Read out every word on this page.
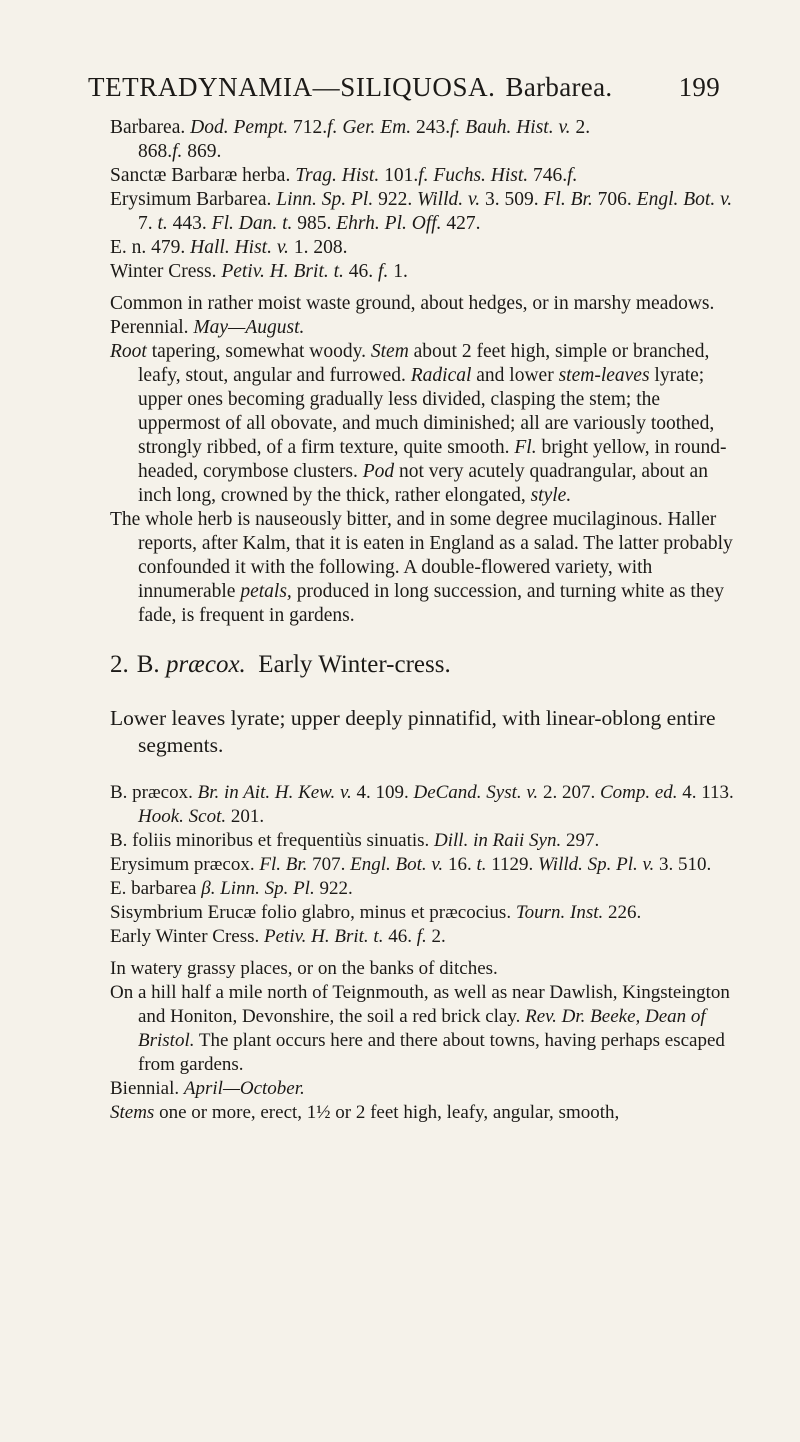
TETRADYNAMIA—SILIQUOSA. Barbarea. 199

Barbarea. Dod. Pempt. 712.f. Ger. Em. 243.f. Bauh. Hist. v. 2.
868.f. 869.

Sanctæ Barbaræ herba. Trag. Hist. 101.f. Fuchs. Hist. 746.f.

Erysimum Barbarea. Linn. Sp. Pl. 922. Willd. v. 3. 509. Fl. Br. 706. Engl. Bot. v. 7. t. 443. Fl. Dan. t. 985. Ehrh. Pl. Off. 427.

E. n. 479. Hall. Hist. v. 1. 208.

Winter Cress. Petiv. H. Brit. t. 46. f. 1.

Common in rather moist waste ground, about hedges, or in marshy meadows.

Perennial. May—August.

Root tapering, somewhat woody. Stem about 2 feet high, simple or branched, leafy, stout, angular and furrowed. Radical and lower stem-leaves lyrate; upper ones becoming gradually less divided, clasping the stem; the uppermost of all obovate, and much diminished; all are variously toothed, strongly ribbed, of a firm texture, quite smooth. Fl. bright yellow, in round-headed, corymbose clusters. Pod not very acutely quadrangular, about an inch long, crowned by the thick, rather elongated, style.

The whole herb is nauseously bitter, and in some degree mucilaginous. Haller reports, after Kalm, that it is eaten in England as a salad. The latter probably confounded it with the following. A double-flowered variety, with innumerable petals, produced in long succession, and turning white as they fade, is frequent in gardens.

2. B. præcox. Early Winter-cress.

Lower leaves lyrate; upper deeply pinnatifid, with linear-oblong entire segments.

B. præcox. Br. in Ait. H. Kew. v. 4. 109. DeCand. Syst. v. 2. 207. Comp. ed. 4. 113. Hook. Scot. 201.

B. foliis minoribus et frequentiùs sinuatis. Dill. in Raii Syn. 297.

Erysimum præcox. Fl. Br. 707. Engl. Bot. v. 16. t. 1129. Willd. Sp. Pl. v. 3. 510.

E. barbarea β. Linn. Sp. Pl. 922.

Sisymbrium Erucæ folio glabro, minus et præcocius. Tourn. Inst. 226.

Early Winter Cress. Petiv. H. Brit. t. 46. f. 2.

In watery grassy places, or on the banks of ditches.

On a hill half a mile north of Teignmouth, as well as near Dawlish, Kingsteington and Honiton, Devonshire, the soil a red brick clay. Rev. Dr. Beeke, Dean of Bristol. The plant occurs here and there about towns, having perhaps escaped from gardens.

Biennial. April—October.

Stems one or more, erect, 1½ or 2 feet high, leafy, angular, smooth,
